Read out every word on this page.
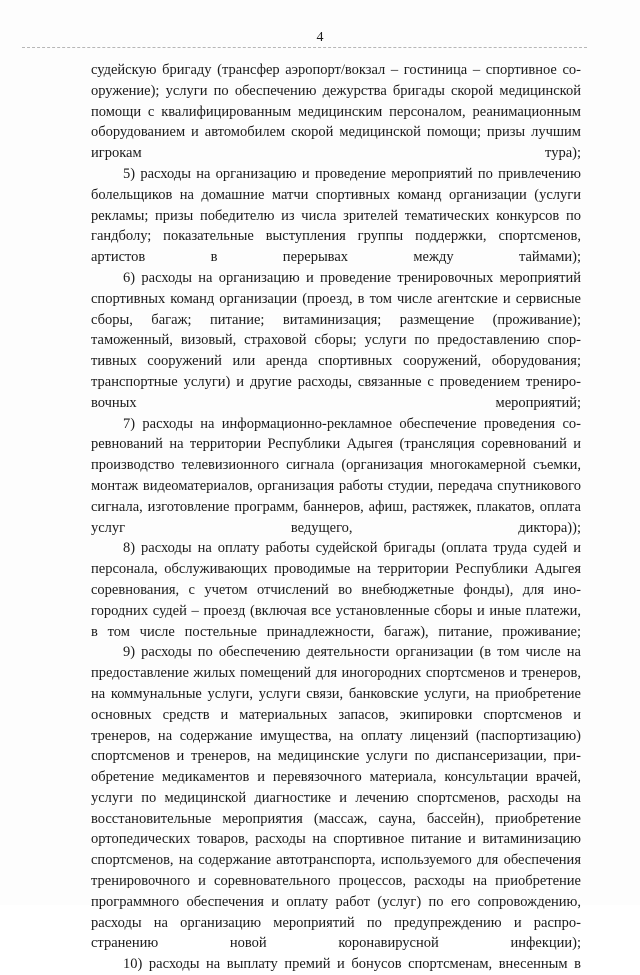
4

судейскую бригаду (трансфер аэропорт/вокзал – гостиница – спортивное сооружение); услуги по обеспечению дежурства бригады скорой медицинской помощи с квалифицированным медицинским персоналом, реанимационным оборудованием и автомобилем скорой медицинской помощи; призы лучшим игрокам тура);

5) расходы на организацию и проведение мероприятий по привлечению болельщиков на домашние матчи спортивных команд организации (услуги рекламы; призы победителю из числа зрителей тематических конкурсов по гандболу; показательные выступления группы поддержки, спортсменов, артистов в перерывах между таймами);

6) расходы на организацию и проведение тренировочных мероприятий спортивных команд организации (проезд, в том числе агентские и сервисные сборы, багаж; питание; витаминизация; размещение (проживание); таможенный, визовый, страховой сборы; услуги по предоставлению спортивных сооружений или аренда спортивных сооружений, оборудования; транспортные услуги) и другие расходы, связанные с проведением тренировочных мероприятий;

7) расходы на информационно-рекламное обеспечение проведения соревнований на территории Республики Адыгея (трансляция соревнований и производство телевизионного сигнала (организация многокамерной съемки, монтаж видеоматериалов, организация работы студии, передача спутникового сигнала, изготовление программ, баннеров, афиш, растяжек, плакатов, оплата услуг ведущего, диктора));

8) расходы на оплату работы судейской бригады (оплата труда судей и персонала, обслуживающих проводимые на территории Республики Адыгея соревнования, с учетом отчислений во внебюджетные фонды), для иногородних судей – проезд (включая все установленные сборы и иные платежи, в том числе постельные принадлежности, багаж), питание, проживание;

9) расходы по обеспечению деятельности организации (в том числе на предоставление жилых помещений для иногородних спортсменов и тренеров, на коммунальные услуги, услуги связи, банковские услуги, на приобретение основных средств и материальных запасов, экипировки спортсменов и тренеров, на содержание имущества, на оплату лицензий (паспортизацию) спортсменов и тренеров, на медицинские услуги по диспансеризации, приобретение медикаментов и перевязочного материала, консультации врачей, услуги по медицинской диагностике и лечению спортсменов, расходы на восстановительные мероприятия (массаж, сауна, бассейн), приобретение ортопедических товаров, расходы на спортивное питание и витаминизацию спортсменов, на содержание автотранспорта, используемого для обеспечения тренировочного и соревновательного процессов, расходы на приобретение программного обеспечения и оплату работ (услуг) по его сопровождению, расходы на организацию мероприятий по предупреждению и распространению новой коронавирусной инфекции);

10) расходы на выплату премий и бонусов спортсменам, внесенным в
